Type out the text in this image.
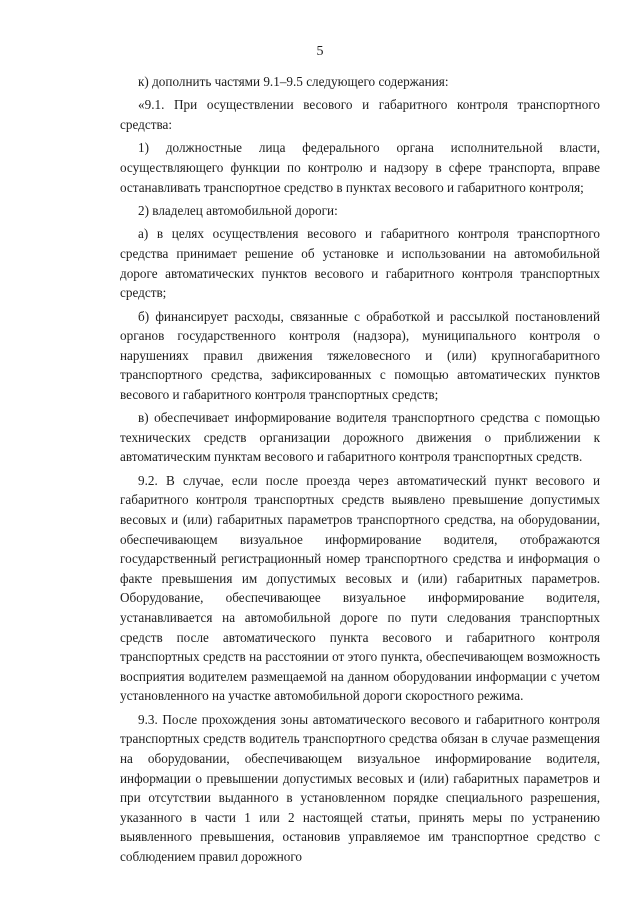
5

к) дополнить частями 9.1–9.5 следующего содержания:

«9.1. При осуществлении весового и габаритного контроля транспортного средства:

1) должностные лица федерального органа исполнительной власти, осуществляющего функции по контролю и надзору в сфере транспорта, вправе останавливать транспортное средство в пунктах весового и габаритного контроля;

2) владелец автомобильной дороги:

а) в целях осуществления весового и габаритного контроля транспортного средства принимает решение об установке и использовании на автомобильной дороге автоматических пунктов весового и габаритного контроля транспортных средств;

б) финансирует расходы, связанные с обработкой и рассылкой постановлений органов государственного контроля (надзора), муниципального контроля о нарушениях правил движения тяжеловесного и (или) крупногабаритного транспортного средства, зафиксированных с помощью автоматических пунктов весового и габаритного контроля транспортных средств;

в) обеспечивает информирование водителя транспортного средства с помощью технических средств организации дорожного движения о приближении к автоматическим пунктам весового и габаритного контроля транспортных средств.

9.2. В случае, если после проезда через автоматический пункт весового и габаритного контроля транспортных средств выявлено превышение допустимых весовых и (или) габаритных параметров транспортного средства, на оборудовании, обеспечивающем визуальное информирование водителя, отображаются государственный регистрационный номер транспортного средства и информация о факте превышения им допустимых весовых и (или) габаритных параметров. Оборудование, обеспечивающее визуальное информирование водителя, устанавливается на автомобильной дороге по пути следования транспортных средств после автоматического пункта весового и габаритного контроля транспортных средств на расстоянии от этого пункта, обеспечивающем возможность восприятия водителем размещаемой на данном оборудовании информации с учетом установленного на участке автомобильной дороги скоростного режима.

9.3. После прохождения зоны автоматического весового и габаритного контроля транспортных средств водитель транспортного средства обязан в случае размещения на оборудовании, обеспечивающем визуальное информирование водителя, информации о превышении допустимых весовых и (или) габаритных параметров и при отсутствии выданного в установленном порядке специального разрешения, указанного в части 1 или 2 настоящей статьи, принять меры по устранению выявленного превышения, остановив управляемое им транспортное средство с соблюдением правил дорожного
